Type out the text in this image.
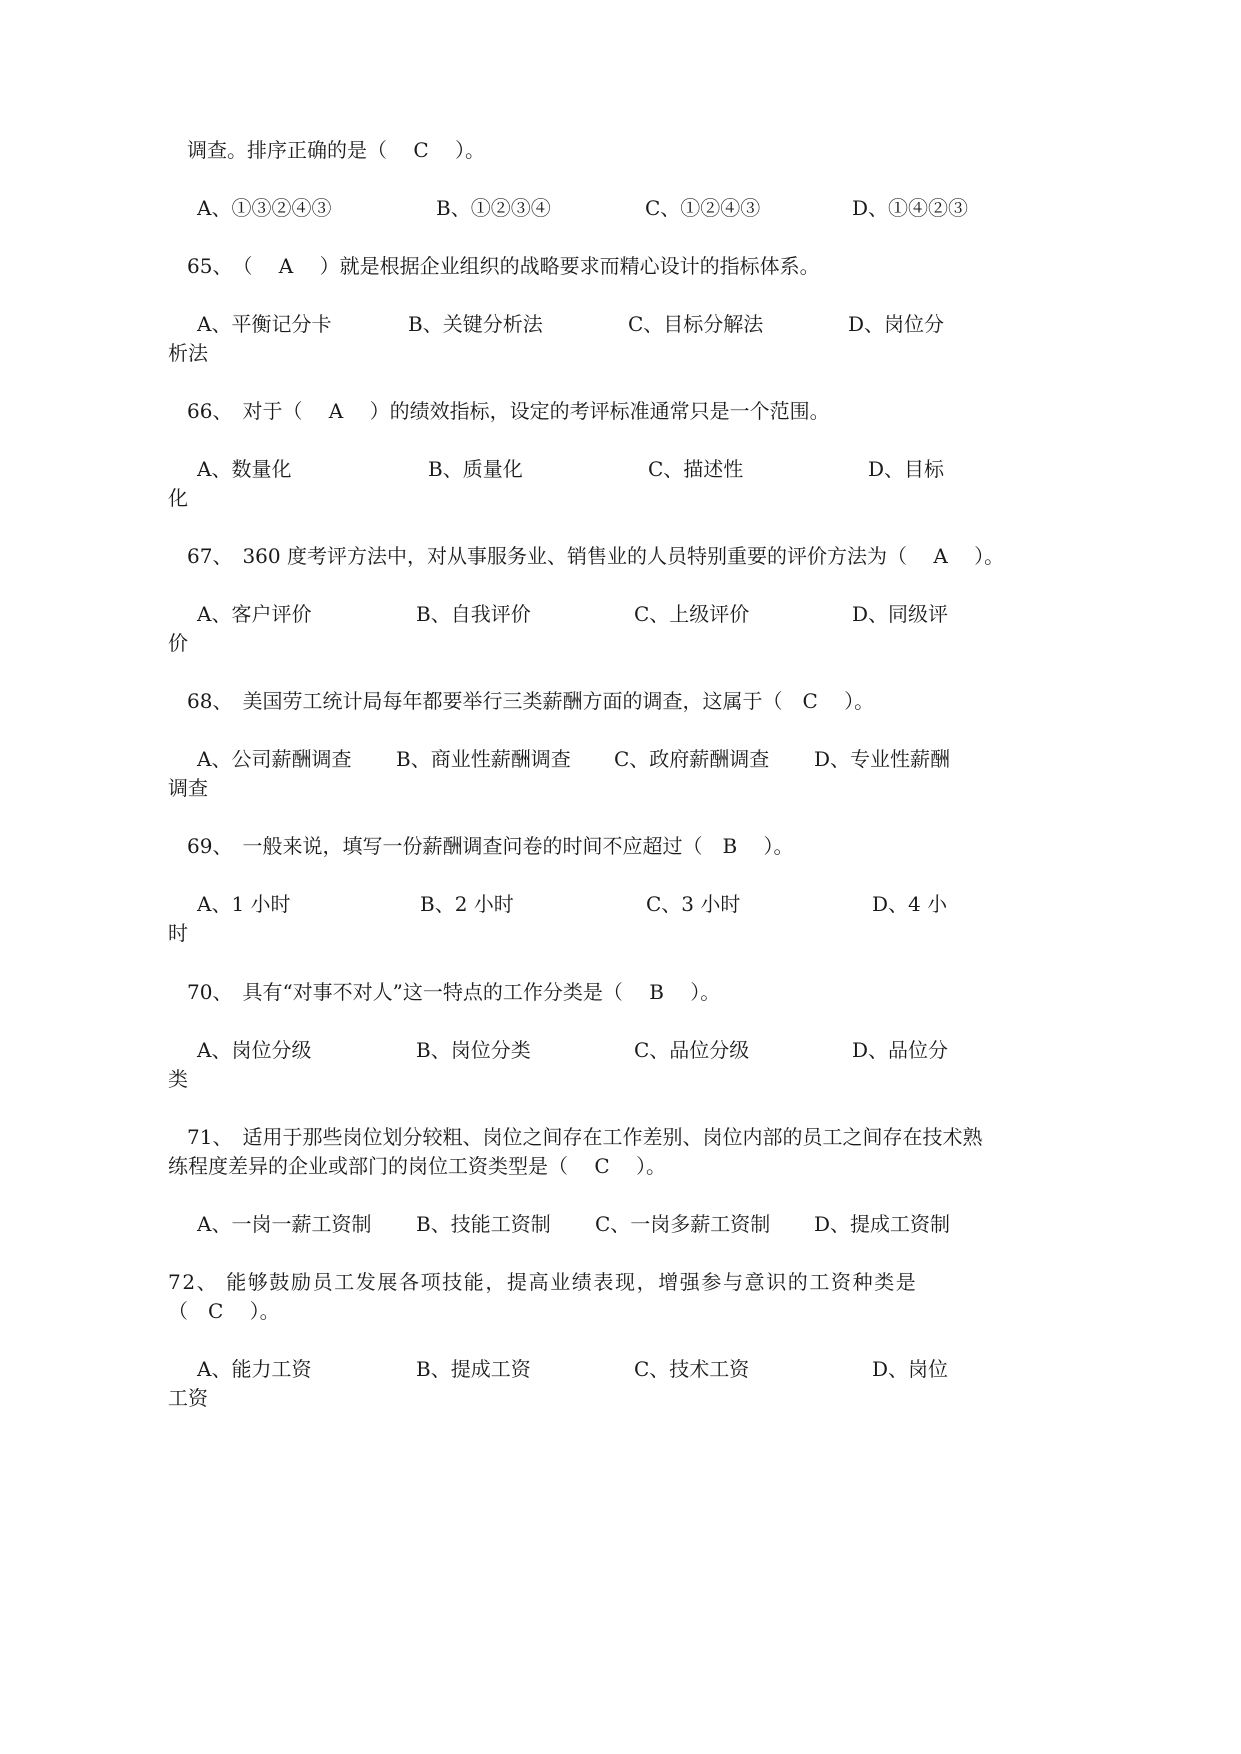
调查。排序正确的是（　 C　 ）。
A、①③②④③	B、①②③④	C、①②④③	D、①④②③
65、　（　 A　 ）就是根据企业组织的战略要求而精心设计的指标体系。
A、平衡记分卡	B、关键分析法	C、目标分解法	D、岗位分
析法
66、　对于（　 A　 ）的绩效指标，设定的考评标准通常只是一个范围。
A、数量化	B、质量化	C、描述性	D、目标
化
67、　360 度考评方法中，对从事服务业、销售业的人员特别重要的评价方法为（　 A　 ）。
A、客户评价	B、自我评价	C、上级评价	D、同级评
价
68、　美国劳工统计局每年都要举行三类薪酬方面的调查，这属于（　C　 ）。
A、公司薪酬调查 B、商业性薪酬调查 C、政府薪酬调查 D、专业性薪酬
调查
69、　一般来说，填写一份薪酬调查问卷的时间不应超过（　B　 ）。
A、1 小时	B、2 小时	C、3 小时	D、4 小
时
70、　具有“对事不对人”这一特点的工作分类是（　 B　 ）。
A、岗位分级	B、岗位分类	C、品位分级	D、品位分
类
71、　适用于那些岗位划分较粗、岗位之间存在工作差别、岗位内部的员工之间存在技术熟
练程度差异的企业或部门的岗位工资类型是（　 C　 ）。
A、一岗一薪工资制 B、技能工资制 C、一岗多薪工资制 D、提成工资制
72、 能够鼓励员工发展各项技能，提高业绩表现，增强参与意识的工资种类是
（　C　 ）。
A、能力工资	B、提成工资	C、技术工资	D、岗位
工资
